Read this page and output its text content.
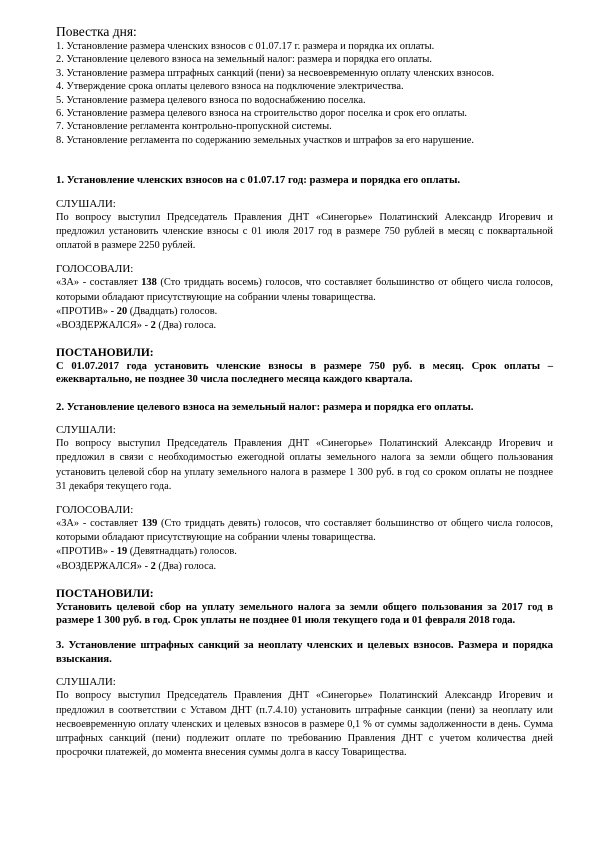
Повестка дня:

1. Установление размера членских взносов с 01.07.17 г. размера и порядка их оплаты.
2. Установление целевого взноса на земельный налог: размера и порядка его оплаты.
3. Установление размера штрафных санкций (пени) за несвоевременную оплату членских взносов.
4. Утверждение срока оплаты целевого взноса на подключение электричества.
5. Установление размера целевого взноса по водоснабжению поселка.
6. Установление размера целевого взноса на строительство дорог поселка и срок его оплаты.
7. Установление регламента контрольно-пропускной системы.
8. Установление регламента по содержанию земельных участков и штрафов за его нарушение.

1. Установление членских взносов на с 01.07.17 год: размера и порядка его оплаты.

СЛУШАЛИ:

По вопросу выступил Председатель Правления ДНТ «Синегорье» Полатинский Александр Игоревич и предложил установить членские взносы с 01 июля 2017 год в размере 750 рублей в месяц с поквартальной оплатой в размере 2250 рублей.

ГОЛОСОВАЛИ:

«ЗА» - составляет 138 (Сто тридцать восемь) голосов, что составляет большинство от общего числа голосов, которыми обладают присутствующие на собрании члены товарищества.

«ПРОТИВ» - 20 (Двадцать) голосов.

«ВОЗДЕРЖАЛСЯ» - 2 (Два) голоса.

ПОСТАНОВИЛИ:

С 01.07.2017 года установить членские взносы в размере 750 руб. в месяц. Срок оплаты – ежеквартально, не позднее 30 числа последнего месяца каждого квартала.

2. Установление целевого взноса на земельный налог: размера и порядка его оплаты.

СЛУШАЛИ:

По вопросу выступил Председатель Правления ДНТ «Синегорье» Полатинский Александр Игоревич и предложил в связи с необходимостью ежегодной оплаты земельного налога за земли общего пользования установить целевой сбор на уплату земельного налога в размере 1 300 руб. в год со сроком оплаты не позднее 31 декабря текущего года.

ГОЛОСОВАЛИ:

«ЗА» - составляет 139 (Сто тридцать девять) голосов, что составляет большинство от общего числа голосов, которыми обладают присутствующие на собрании члены товарищества.

«ПРОТИВ» - 19 (Девятнадцать) голосов.

«ВОЗДЕРЖАЛСЯ» - 2 (Два) голоса.

ПОСТАНОВИЛИ:

Установить целевой сбор на уплату земельного налога за земли общего пользования за 2017 год в размере 1 300 руб. в год. Срок уплаты не позднее 01 июля текущего года и 01 февраля 2018 года.

3. Установление штрафных санкций за неоплату членских и целевых взносов. Размера и порядка взыскания.

СЛУШАЛИ:

По вопросу выступил Председатель Правления ДНТ «Синегорье» Полатинский Александр Игоревич и предложил в соответствии с Уставом ДНТ (п.7.4.10) установить штрафные санкции (пени) за неоплату или несвоевременную оплату членских и целевых взносов в размере 0,1 % от суммы задолженности в день. Сумма штрафных санкций (пени) подлежит оплате по требованию Правления ДНТ с учетом количества дней просрочки платежей, до момента внесения суммы долга в кассу Товарищества.
